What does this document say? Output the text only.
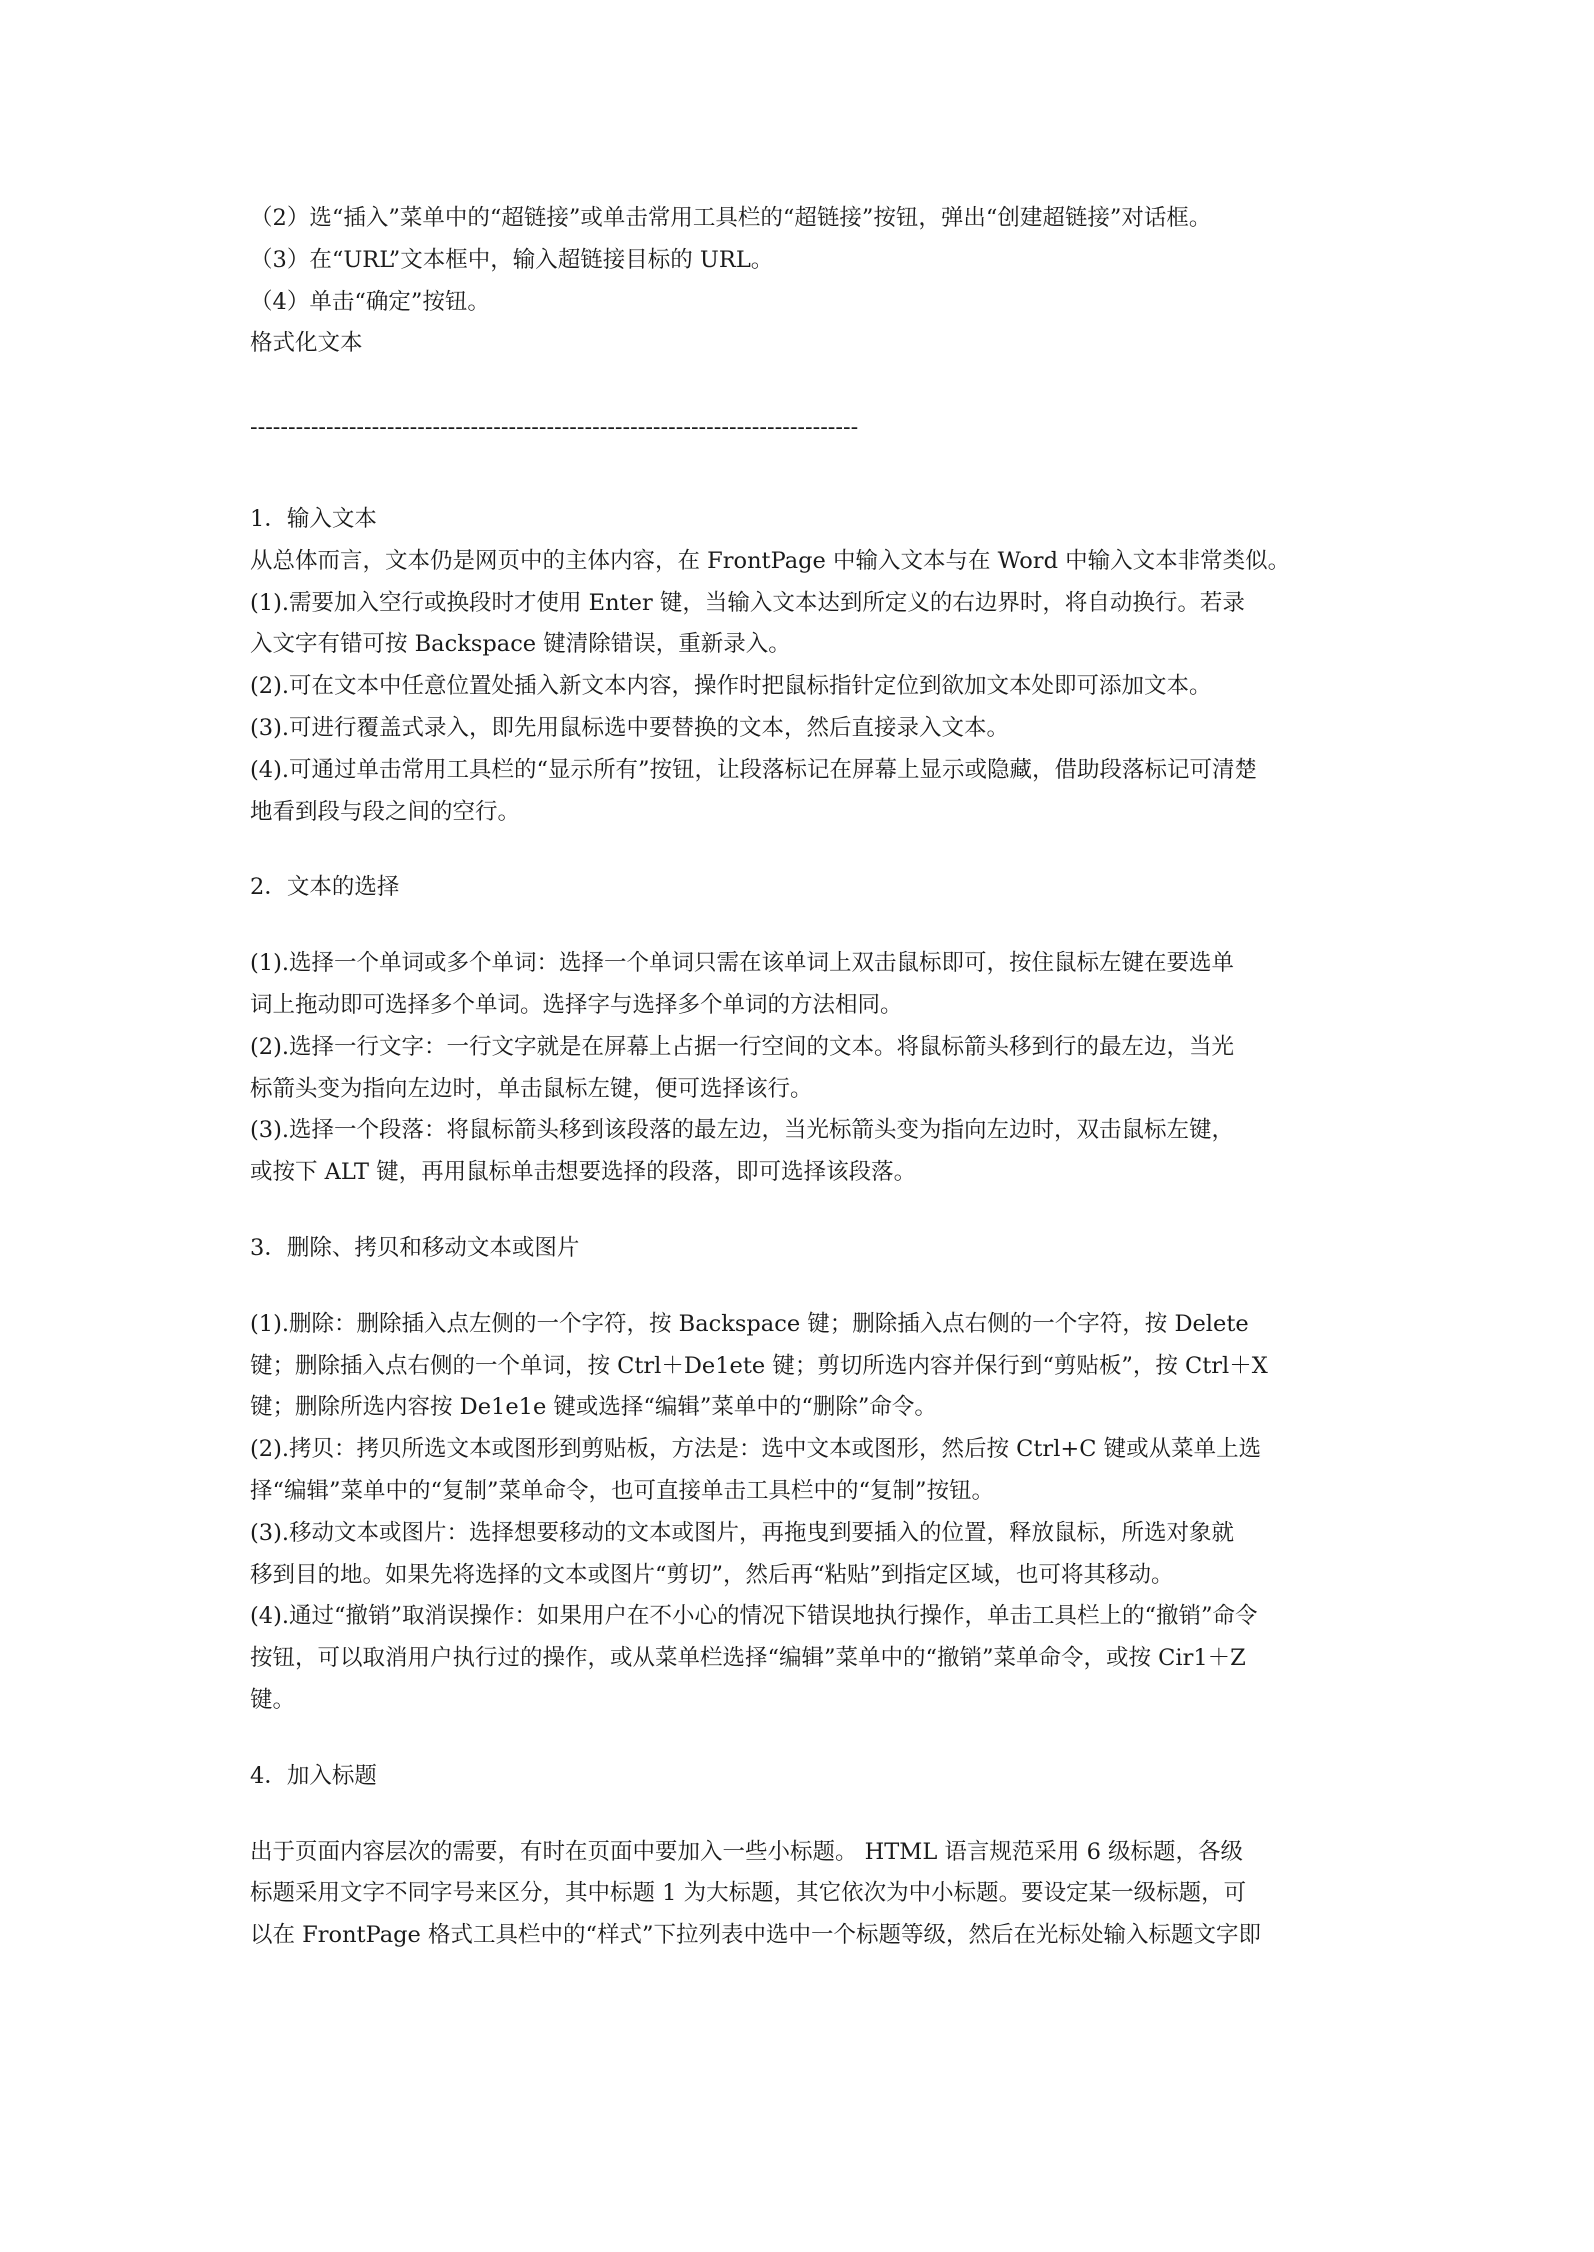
（2）选“插入”菜单中的“超链接”或单击常用工具栏的“超链接”按钮，弹出“创建超链接”对话框。
（3）在“URL”文本框中，输入超链接目标的 URL。
（4）单击“确定”按钮。
格式化文本
--------------------------------------------------------------------------------
1．输入文本
从总体而言，文本仍是网页中的主体内容，在 FrontPage 中输入文本与在 Word 中输入文本非常类似。
(1).需要加入空行或换段时才使用 Enter 键，当输入文本达到所定义的右边界时，将自动换行。若录
入文字有错可按 Backspace 键清除错误，重新录入。
(2).可在文本中任意位置处插入新文本内容，操作时把鼠标指针定位到欲加文本处即可添加文本。
(3).可进行覆盖式录入，即先用鼠标选中要替换的文本，然后直接录入文本。
(4).可通过单击常用工具栏的“显示所有”按钮，让段落标记在屏幕上显示或隐藏，借助段落标记可清楚
地看到段与段之间的空行。
2．文本的选择
(1).选择一个单词或多个单词：选择一个单词只需在该单词上双击鼠标即可，按住鼠标左键在要选单
词上拖动即可选择多个单词。选择字与选择多个单词的方法相同。
(2).选择一行文字：一行文字就是在屏幕上占据一行空间的文本。将鼠标箭头移到行的最左边，当光
标箭头变为指向左边时，单击鼠标左键，便可选择该行。
(3).选择一个段落：将鼠标箭头移到该段落的最左边，当光标箭头变为指向左边时，双击鼠标左键，
或按下 ALT 键，再用鼠标单击想要选择的段落，即可选择该段落。
3．删除、拷贝和移动文本或图片
(1).删除：删除插入点左侧的一个字符，按 Backspace 键；删除插入点右侧的一个字符，按 Delete
键；删除插入点右侧的一个单词，按 Ctrl＋De1ete 键；剪切所选内容并保行到“剪贴板”，按 Ctrl＋X
键；删除所选内容按 De1e1e 键或选择“编辑”菜单中的“删除”命令。
(2).拷贝：拷贝所选文本或图形到剪贴板，方法是：选中文本或图形，然后按 Ctrl+C 键或从菜单上选
择“编辑”菜单中的“复制”菜单命令，也可直接单击工具栏中的“复制”按钮。
(3).移动文本或图片：选择想要移动的文本或图片，再拖曳到要插入的位置，释放鼠标，所选对象就
移到目的地。如果先将选择的文本或图片“剪切”，然后再“粘贴”到指定区域，也可将其移动。
(4).通过“撤销”取消误操作：如果用户在不小心的情况下错误地执行操作，单击工具栏上的“撤销”命令
按钮，可以取消用户执行过的操作，或从菜单栏选择“编辑”菜单中的“撤销”菜单命令，或按 Cir1＋Z
键。
4．加入标题
出于页面内容层次的需要，有时在页面中要加入一些小标题。 HTML 语言规范采用 6 级标题，各级
标题采用文字不同字号来区分，其中标题 1 为大标题，其它依次为中小标题。要设定某一级标题，可
以在 FrontPage 格式工具栏中的“样式”下拉列表中选中一个标题等级，然后在光标处输入标题文字即
